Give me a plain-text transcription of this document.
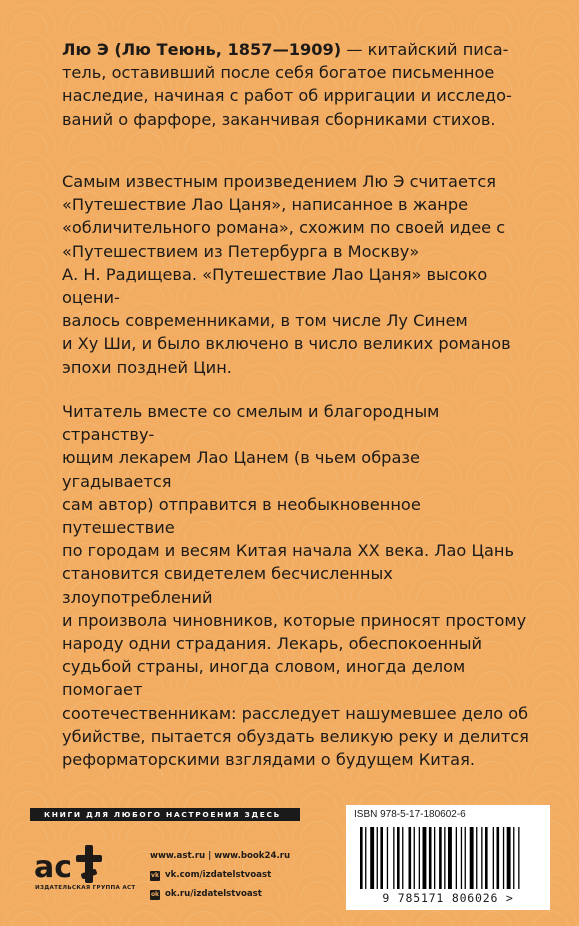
Лю Э (Лю Теюнь, 1857—1909) — китайский писа-
тель, оставивший после себя богатое письменное
наследие, начиная с работ об ирригации и исследо-
ваний о фарфоре, заканчивая сборниками стихов.

Самым известным произведением Лю Э считается
«Путешествие Лао Цаня», написанное в жанре
«обличительного романа», схожим по своей идее с
«Путешествием из Петербурга в Москву»
А. Н. Радищева. «Путешествие Лао Цаня» высоко оцени-
валось современниками, в том числе Лу Синем
и Ху Ши, и было включено в число великих романов
эпохи поздней Цин.

Читатель вместе со смелым и благородным странству-
ющим лекарем Лао Цанем (в чьем образе угадывается
сам автор) отправится в необыкновенное путешествие
по городам и весям Китая начала XX века. Лао Цань
становится свидетелем бесчисленных злоупотреблений
и произвола чиновников, которые приносят простому
народу одни страдания. Лекарь, обеспокоенный
судьбой страны, иногда словом, иногда делом помогает
соотечественникам: расследует нашумевшее дело об
убийстве, пытается обуздать великую реку и делится
реформаторскими взглядами о будущем Китая.

КНИГИ ДЛЯ ЛЮБОГО НАСТРОЕНИЯ ЗДЕСЬ
ac
ИЗДАТЕЛЬСКАЯ ГРУППА АСТ
www.ast.ru | www.book24.ru
vk vk.com/izdatelstvoast
ok ok.ru/izdatelstvoast
ISBN 978-5-17-180602-6
9 785171 806026 >
